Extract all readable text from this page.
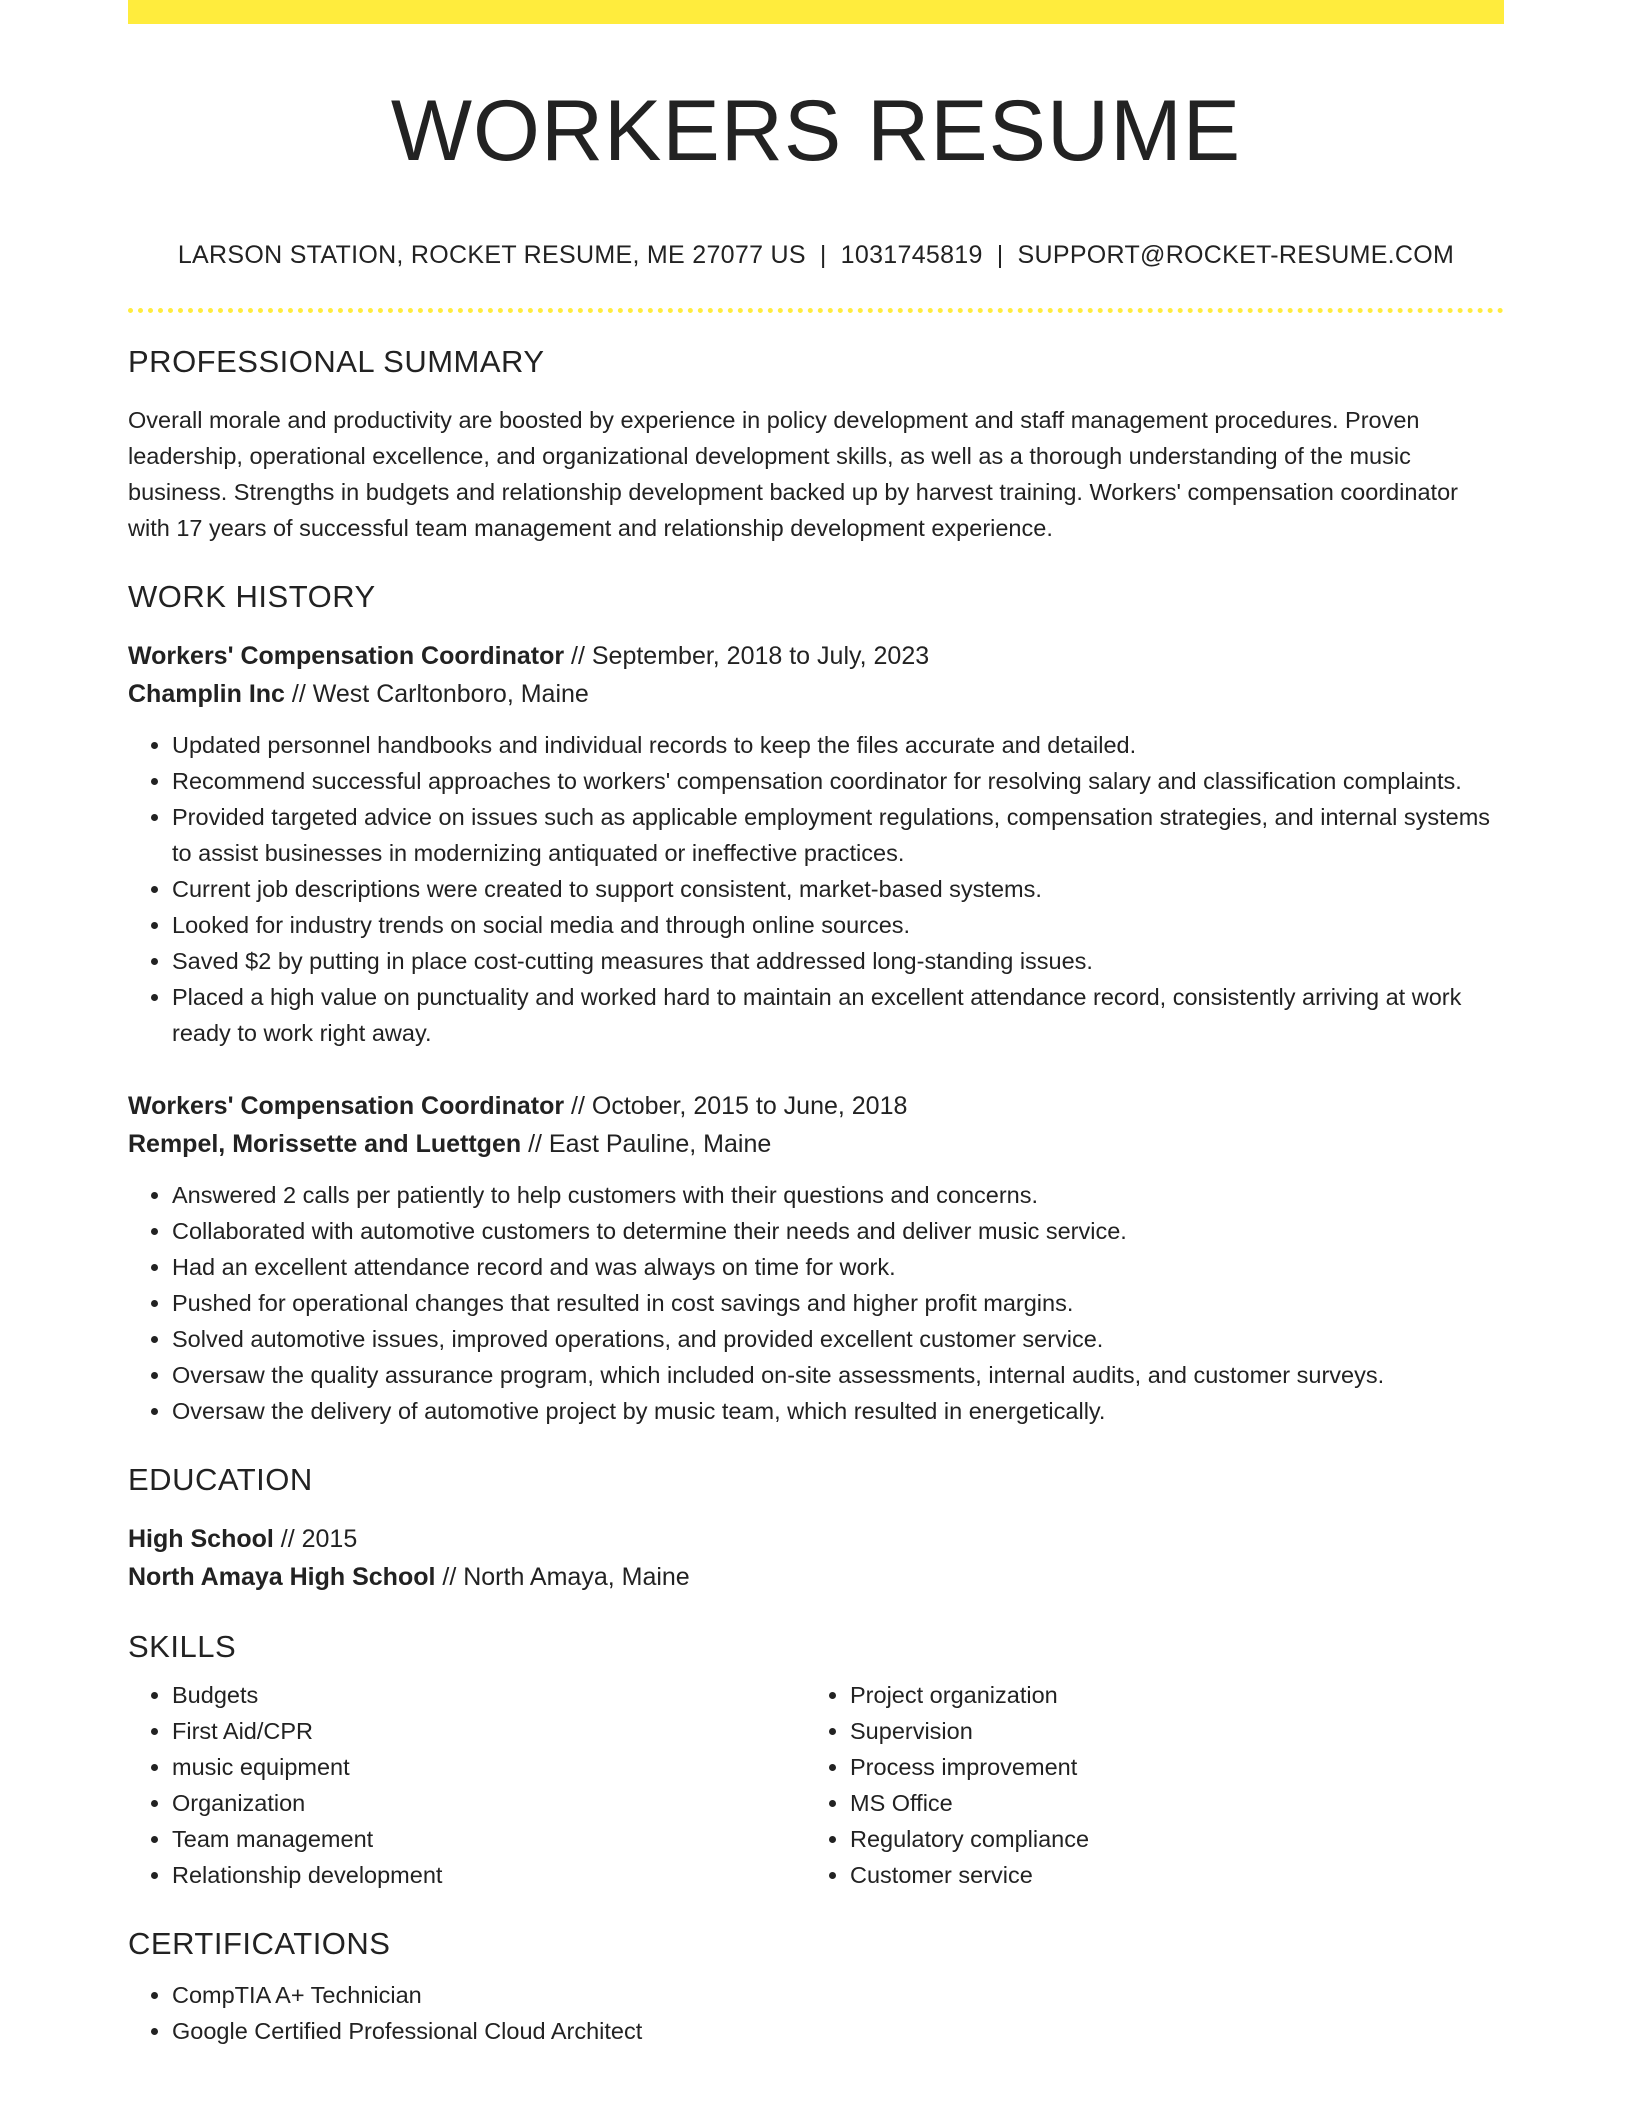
WORKERS RESUME
LARSON STATION, ROCKET RESUME, ME 27077 US | 1031745819 | SUPPORT@ROCKET-RESUME.COM
PROFESSIONAL SUMMARY
Overall morale and productivity are boosted by experience in policy development and staff management procedures. Proven leadership, operational excellence, and organizational development skills, as well as a thorough understanding of the music business. Strengths in budgets and relationship development backed up by harvest training. Workers' compensation coordinator with 17 years of successful team management and relationship development experience.
WORK HISTORY
Workers' Compensation Coordinator // September, 2018 to July, 2023
Champlin Inc // West Carltonboro, Maine
• Updated personnel handbooks and individual records to keep the files accurate and detailed.
• Recommend successful approaches to workers' compensation coordinator for resolving salary and classification complaints.
• Provided targeted advice on issues such as applicable employment regulations, compensation strategies, and internal systems to assist businesses in modernizing antiquated or ineffective practices.
• Current job descriptions were created to support consistent, market-based systems.
• Looked for industry trends on social media and through online sources.
• Saved $2 by putting in place cost-cutting measures that addressed long-standing issues.
• Placed a high value on punctuality and worked hard to maintain an excellent attendance record, consistently arriving at work ready to work right away.
Workers' Compensation Coordinator // October, 2015 to June, 2018
Rempel, Morissette and Luettgen // East Pauline, Maine
• Answered 2 calls per patiently to help customers with their questions and concerns.
• Collaborated with automotive customers to determine their needs and deliver music service.
• Had an excellent attendance record and was always on time for work.
• Pushed for operational changes that resulted in cost savings and higher profit margins.
• Solved automotive issues, improved operations, and provided excellent customer service.
• Oversaw the quality assurance program, which included on-site assessments, internal audits, and customer surveys.
• Oversaw the delivery of automotive project by music team, which resulted in energetically.
EDUCATION
High School // 2015
North Amaya High School // North Amaya, Maine
SKILLS
• Budgets
• First Aid/CPR
• music equipment
• Organization
• Team management
• Relationship development
• Project organization
• Supervision
• Process improvement
• MS Office
• Regulatory compliance
• Customer service
CERTIFICATIONS
• CompTIA A+ Technician
• Google Certified Professional Cloud Architect
